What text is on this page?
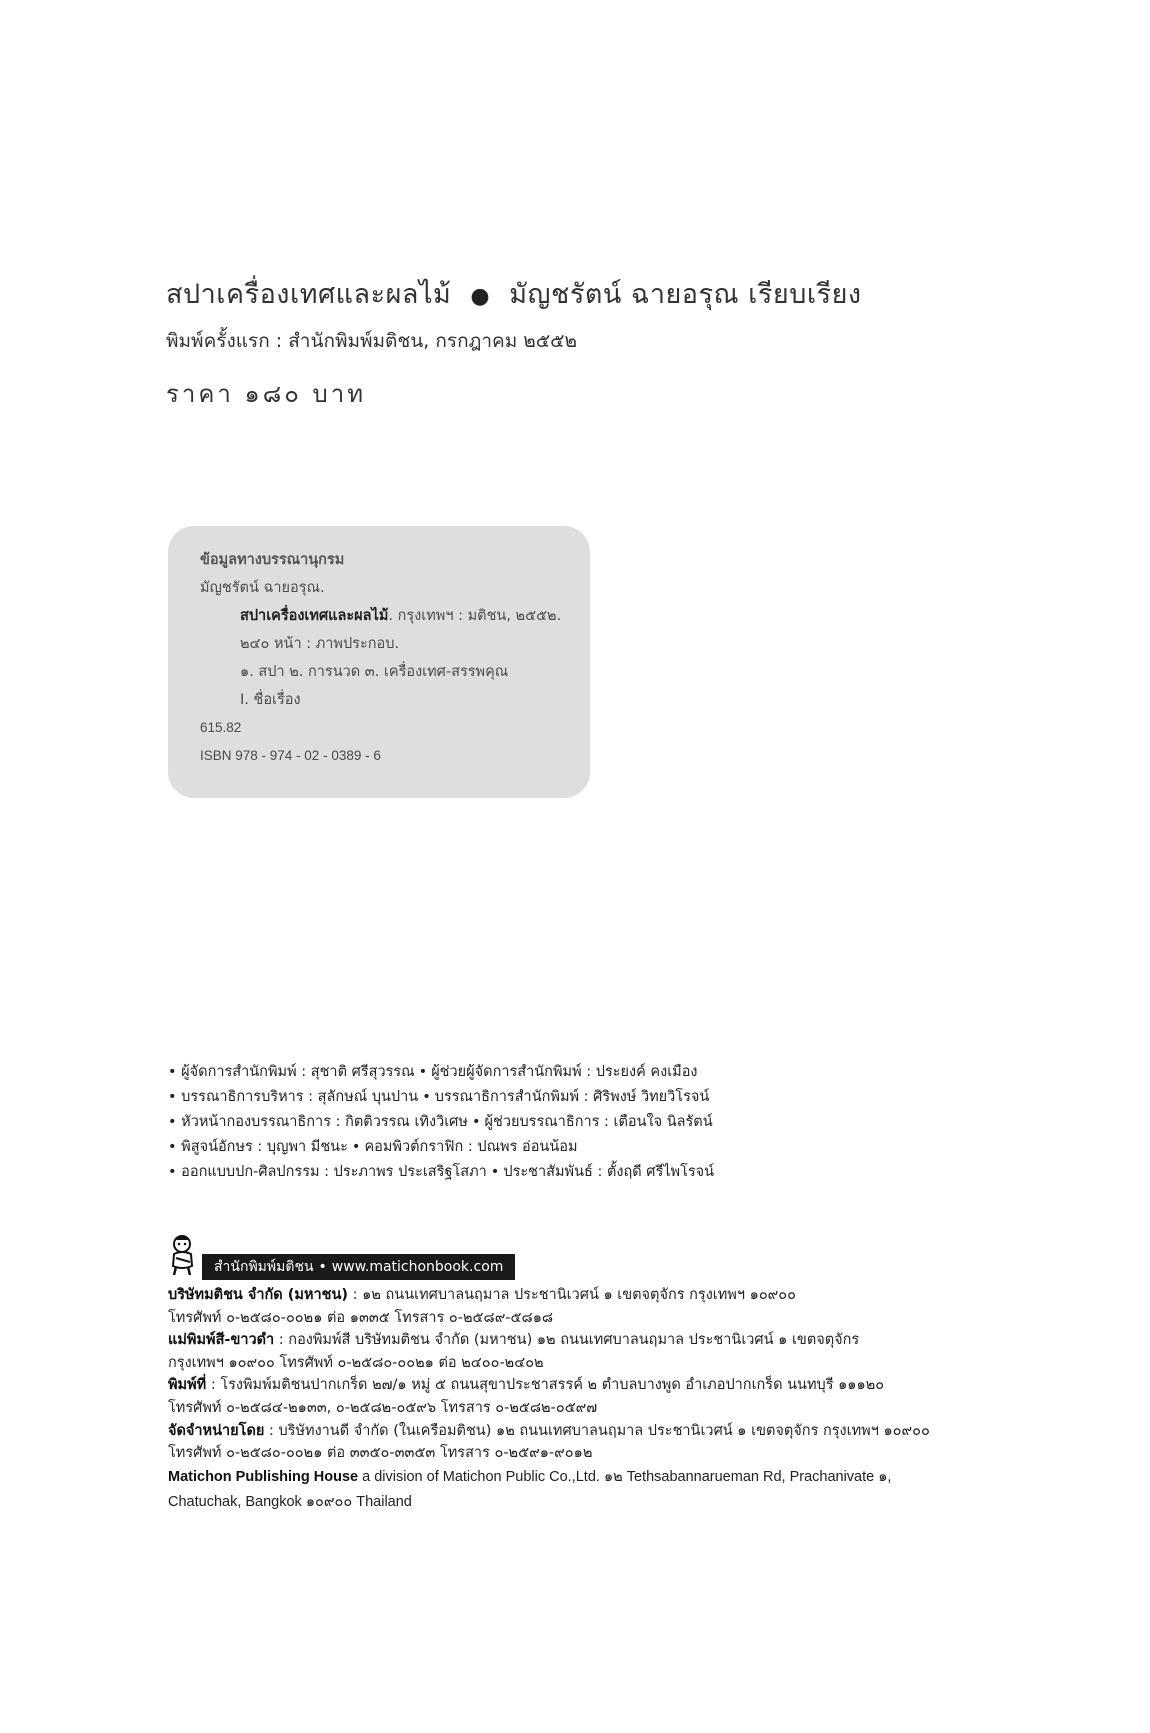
สปาเครื่องเทศและผลไม้ ● มัญชรัตน์ ฉายอรุณ เรียบเรียง
พิมพ์ครั้งแรก : สำนักพิมพ์มติชน, กรกฎาคม ๒๕๕๒
ราคา ๑๘๐ บาท
ข้อมูลทางบรรณานุกรม
มัญชรัตน์ ฉายอรุณ.
สปาเครื่องเทศและผลไม้. กรุงเทพฯ : มติชน, ๒๕๕๒.
๒๔๐ หน้า : ภาพประกอบ.
๑. สปา ๒. การนวด ๓. เครื่องเทศ-สรรพคุณ
I. ชื่อเรื่อง
615.82
ISBN 978 - 974 - 02 - 0389 - 6
• ผู้จัดการสำนักพิมพ์ : สุชาติ ศรีสุวรรณ • ผู้ช่วยผู้จัดการสำนักพิมพ์ : ประยงค์ คงเมือง
• บรรณาธิการบริหาร : สุลักษณ์ บุนปาน • บรรณาธิการสำนักพิมพ์ : ศิริพงษ์ วิทยวิโรจน์
• หัวหน้ากองบรรณาธิการ : กิตติวรรณ เทิงวิเศษ • ผู้ช่วยบรรณาธิการ : เตือนใจ นิลรัตน์
• พิสูจน์อักษร : บุญพา มีชนะ • คอมพิวต์กราฟิก : ปณพร อ่อนน้อม
• ออกแบบปก-ศิลปกรรม : ประภาพร ประเสริฐโสภา • ประชาสัมพันธ์ : ตั้งฤดี ศรีไพโรจน์
สำนักพิมพ์มติชน • www.matichonbook.com
บริษัทมติชน จำกัด (มหาชน) : ๑๒ ถนนเทศบาลนฤมาล ประชานิเวศน์ ๑ เขตจตุจักร กรุงเทพฯ ๑๐๙๐๐
โทรศัพท์ ๐-๒๕๘๐-๐๐๒๑ ต่อ ๑๓๓๕ โทรสาร ๐-๒๕๘๙-๕๘๑๘
แม่พิมพ์สี-ขาวดำ : กองพิมพ์สี บริษัทมติชน จำกัด (มหาชน) ๑๒ ถนนเทศบาลนฤมาล ประชานิเวศน์ ๑ เขตจตุจักร
กรุงเทพฯ ๑๐๙๐๐ โทรศัพท์ ๐-๒๕๘๐-๐๐๒๑ ต่อ ๒๔๐๐-๒๔๐๒
พิมพ์ที่ : โรงพิมพ์มติชนปากเกร็ด ๒๗/๑ หมู่ ๕ ถนนสุขาประชาสรรค์ ๒ ตำบลบางพูด อำเภอปากเกร็ด นนทบุรี ๑๑๑๒๐
โทรศัพท์ ๐-๒๕๘๔-๒๑๓๓, ๐-๒๕๘๒-๐๕๙๖ โทรสาร ๐-๒๕๘๒-๐๕๙๗
จัดจำหน่ายโดย : บริษัทงานดี จำกัด (ในเครือมติชน) ๑๒ ถนนเทศบาลนฤมาล ประชานิเวศน์ ๑ เขตจตุจักร กรุงเทพฯ ๑๐๙๐๐
โทรศัพท์ ๐-๒๕๘๐-๐๐๒๑ ต่อ ๓๓๕๐-๓๓๕๓ โทรสาร ๐-๒๕๙๑-๙๐๑๒
Matichon Publishing House a division of Matichon Public Co.,Ltd. ๑๒ Tethsabannarueman Rd, Prachanivate ๑,
Chatuchak, Bangkok ๑๐๙๐๐ Thailand
